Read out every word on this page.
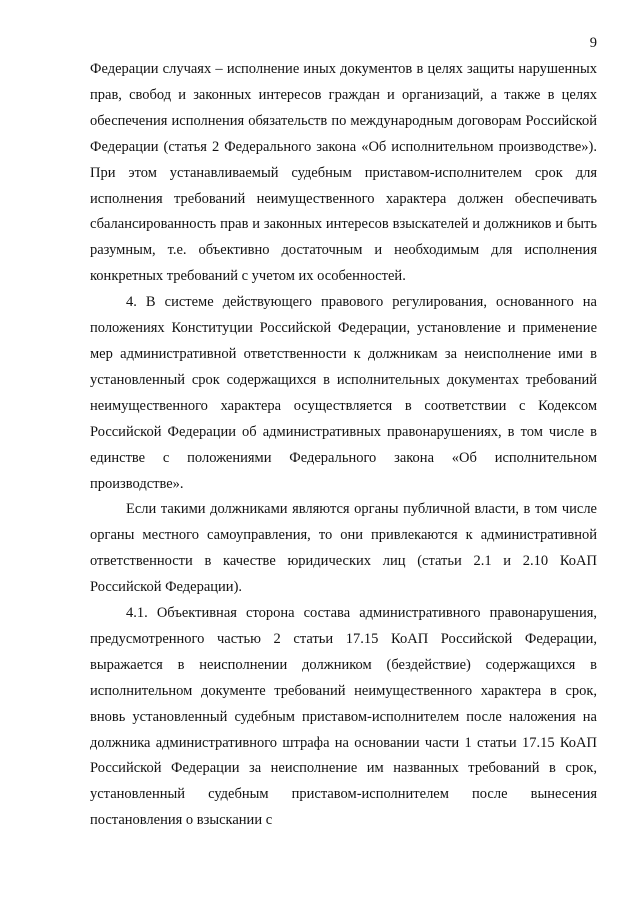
9

Федерации случаях – исполнение иных документов в целях защиты нарушенных прав, свобод и законных интересов граждан и организаций, а также в целях обеспечения исполнения обязательств по международным договорам Российской Федерации (статья 2 Федерального закона «Об исполнительном производстве»). При этом устанавливаемый судебным приставом-исполнителем срок для исполнения требований неимущественного характера должен обеспечивать сбалансированность прав и законных интересов взыскателей и должников и быть разумным, т.е. объективно достаточным и необходимым для исполнения конкретных требований с учетом их особенностей.

4. В системе действующего правового регулирования, основанного на положениях Конституции Российской Федерации, установление и применение мер административной ответственности к должникам за неисполнение ими в установленный срок содержащихся в исполнительных документах требований неимущественного характера осуществляется в соответствии с Кодексом Российской Федерации об административных правонарушениях, в том числе в единстве с положениями Федерального закона «Об исполнительном производстве».

Если такими должниками являются органы публичной власти, в том числе органы местного самоуправления, то они привлекаются к административной ответственности в качестве юридических лиц (статьи 2.1 и 2.10 КоАП Российской Федерации).

4.1. Объективная сторона состава административного правонарушения, предусмотренного частью 2 статьи 17.15 КоАП Российской Федерации, выражается в неисполнении должником (бездействие) содержащихся в исполнительном документе требований неимущественного характера в срок, вновь установленный судебным приставом-исполнителем после наложения на должника административного штрафа на основании части 1 статьи 17.15 КоАП Российской Федерации за неисполнение им названных требований в срок, установленный судебным приставом-исполнителем после вынесения постановления о взыскании с
